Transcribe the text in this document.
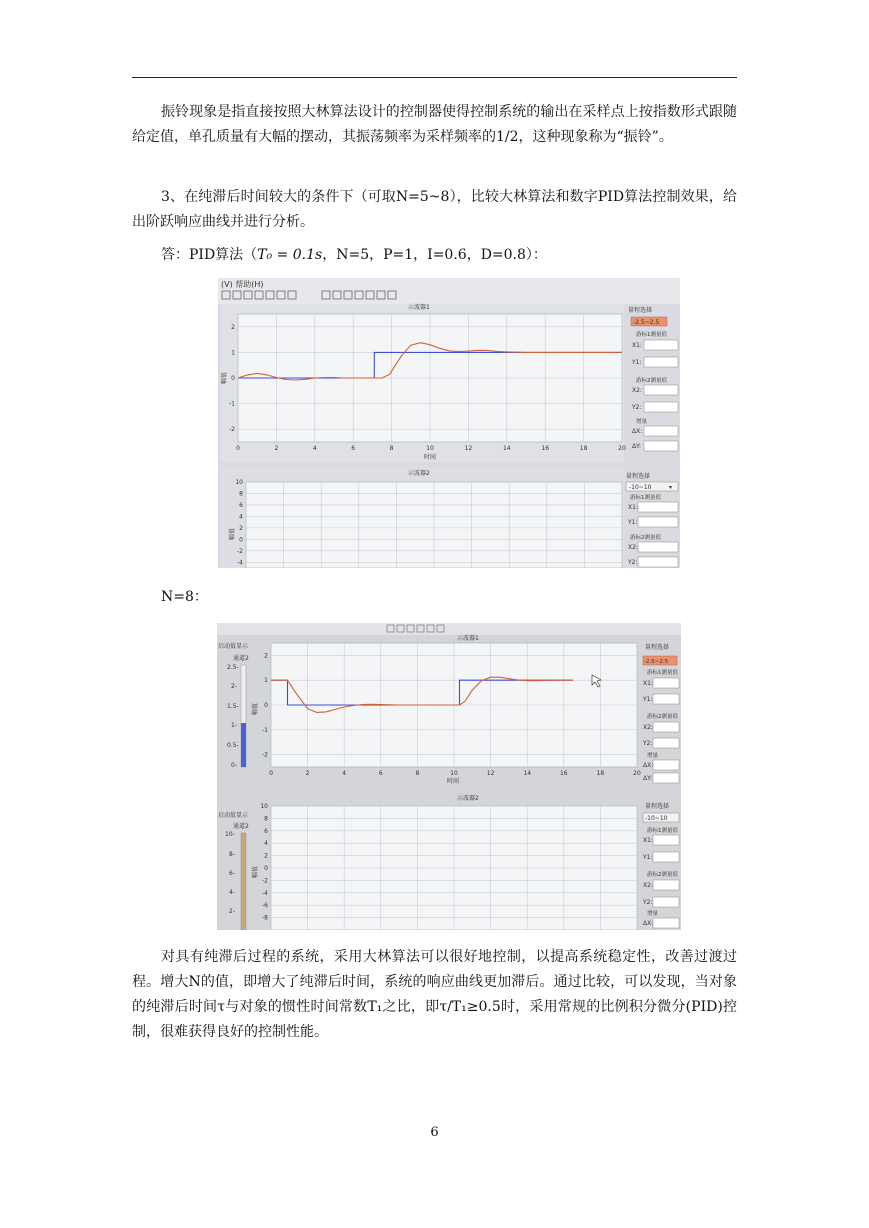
振铃现象是指直接按照大林算法设计的控制器使得控制系统的输出在采样点上按指数形式跟随给定值，单孔质量有大幅的摆动，其振荡频率为采样频率的1/2，这种现象称为“振铃”。

3、在纯滞后时间较大的条件下（可取N=5~8），比较大林算法和数字PID算法控制效果，给出阶跃响应曲线并进行分析。

答：PID算法（T₀ = 0.1s，N=5，P=1，I=0.6，D=0.8）：

N=8：

对具有纯滞后过程的系统，采用大林算法可以很好地控制，以提高系统稳定性，改善过渡过程。增大N的值，即增大了纯滞后时间，系统的响应曲线更加滞后。通过比较，可以发现，当对象的纯滞后时间τ与对象的惯性时间常数T₁之比，即τ/T₁≥0.5时，采用常规的比例积分微分(PID)控制，很难获得良好的控制性能。

6
(V) 帮助(H)
示波器1
-2
-1
0
1
2
0	2	4	6	8	10	12	14	16	18	20
时间
幅值
量程选择
-2.5~2.5
游标1测量值
X1:
Y1:
游标2测量值
X2:
Y2:
增量
ΔX:
ΔY:
示波器2
-4
-2
0
2
4
6
8
10
幅值
量程选择
-10~10	▾
游标1测量值
X1:
Y1:
游标2测量值
X2:
Y2:
启动值显示
通道2
2.5-
2-
1.5-
1-
0.5-
0-
示波器1
-2
-1
0
1
2
0	2	4	6	8	10	12	14	16	18	20
时间
幅值
量程选择
-2.5~2.5
游标1测量值
X1:
Y1:
游标2测量值
X2:
Y2:
增量
ΔX:
ΔY:
启动值显示
通道2
10-
8-
6-
4-
2-
示波器2
-8
-6
-4
-2
0
2
4
6
8
10
幅值
量程选择
-10~10
游标1测量值
X1:
Y1:
游标2测量值
X2:
Y2:
增量
ΔX:
